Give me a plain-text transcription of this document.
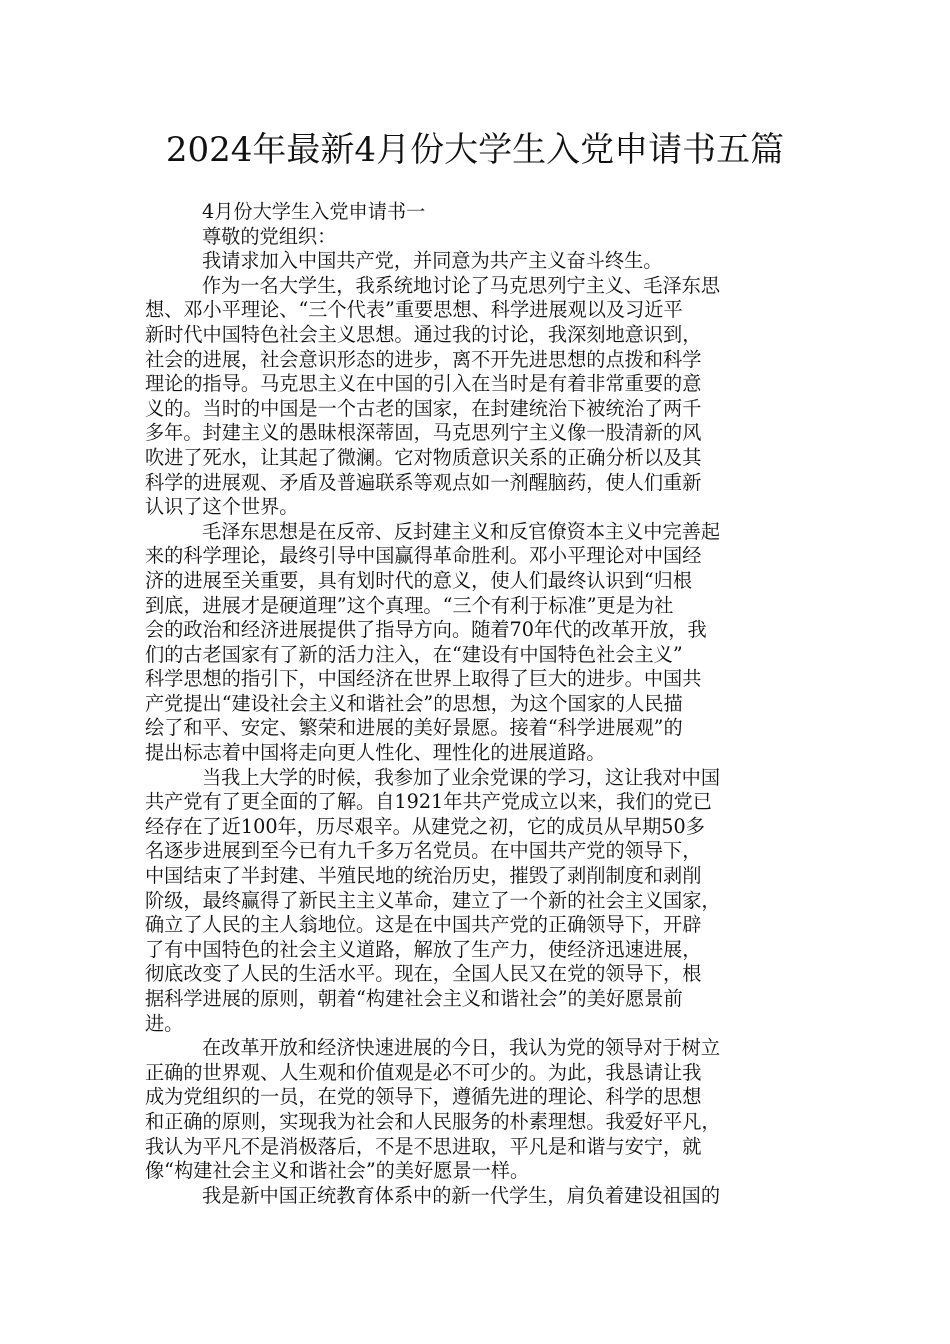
2024年最新4月份大学生入党申请书五篇
4月份大学生入党申请书一
尊敬的党组织：
我请求加入中国共产党，并同意为共产主义奋斗终生。
作为一名大学生，我系统地讨论了马克思列宁主义、毛泽东思
想、邓小平理论、“三个代表”重要思想、科学进展观以及习近平
新时代中国特色社会主义思想。通过我的讨论，我深刻地意识到，
社会的进展，社会意识形态的进步，离不开先进思想的点拨和科学
理论的指导。马克思主义在中国的引入在当时是有着非常重要的意
义的。当时的中国是一个古老的国家，在封建统治下被统治了两千
多年。封建主义的愚昧根深蒂固，马克思列宁主义像一股清新的风
吹进了死水，让其起了微澜。它对物质意识关系的正确分析以及其
科学的进展观、矛盾及普遍联系等观点如一剂醒脑药，使人们重新
认识了这个世界。
毛泽东思想是在反帝、反封建主义和反官僚资本主义中完善起
来的科学理论，最终引导中国赢得革命胜利。邓小平理论对中国经
济的进展至关重要，具有划时代的意义，使人们最终认识到“归根
到底，进展才是硬道理”这个真理。“三个有利于标准”更是为社
会的政治和经济进展提供了指导方向。随着70年代的改革开放，我
们的古老国家有了新的活力注入，在“建设有中国特色社会主义”
科学思想的指引下，中国经济在世界上取得了巨大的进步。中国共
产党提出“建设社会主义和谐社会”的思想，为这个国家的人民描
绘了和平、安定、繁荣和进展的美好景愿。接着“科学进展观”的
提出标志着中国将走向更人性化、理性化的进展道路。
当我上大学的时候，我参加了业余党课的学习，这让我对中国
共产党有了更全面的了解。自1921年共产党成立以来，我们的党已
经存在了近100年，历尽艰辛。从建党之初，它的成员从早期50多
名逐步进展到至今已有九千多万名党员。在中国共产党的领导下，
中国结束了半封建、半殖民地的统治历史，摧毁了剥削制度和剥削
阶级，最终赢得了新民主主义革命，建立了一个新的社会主义国家，
确立了人民的主人翁地位。这是在中国共产党的正确领导下，开辟
了有中国特色的社会主义道路，解放了生产力，使经济迅速进展，
彻底改变了人民的生活水平。现在，全国人民又在党的领导下，根
据科学进展的原则，朝着“构建社会主义和谐社会”的美好愿景前
进。
在改革开放和经济快速进展的今日，我认为党的领导对于树立
正确的世界观、人生观和价值观是必不可少的。为此，我恳请让我
成为党组织的一员，在党的领导下，遵循先进的理论、科学的思想
和正确的原则，实现我为社会和人民服务的朴素理想。我爱好平凡，
我认为平凡不是消极落后，不是不思进取，平凡是和谐与安宁，就
像“构建社会主义和谐社会”的美好愿景一样。
我是新中国正统教育体系中的新一代学生，肩负着建设祖国的
